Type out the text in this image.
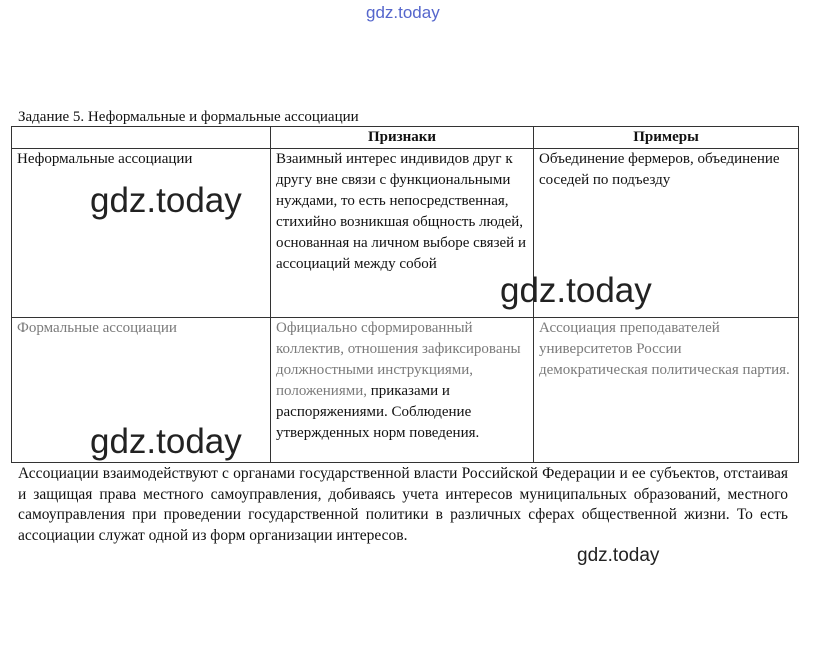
gdz.today
Задание 5. Неформальные и формальные ассоциации
	Признаки	Примеры
Неформальные ассоциации	Взаимный интерес индивидов друг к другу вне связи с функциональными нуждами, то есть непосредственная, стихийно возникшая общность людей, основанная на личном выборе связей и ассоциаций между собой	Объединение фермеров, объединение соседей по подъезду
Формальные ассоциации	Официально сформированный коллектив, отношения зафиксированы должностными инструкциями, положениями, приказами и распоряжениями. Соблюдение утвержденных норм поведения.	Ассоциация преподавателей университетов России демократическая политическая партия.
Ассоциации взаимодействуют с органами государственной власти Российской Федерации и ее субъектов, отстаивая и защищая права местного самоуправления, добиваясь учета интересов муниципальных образований, местного самоуправления при проведении государственной политики в различных сферах общественной жизни. То есть ассоциации служат одной из форм организации интересов.
gdz.today
gdz.today
gdz.today
gdz.today
